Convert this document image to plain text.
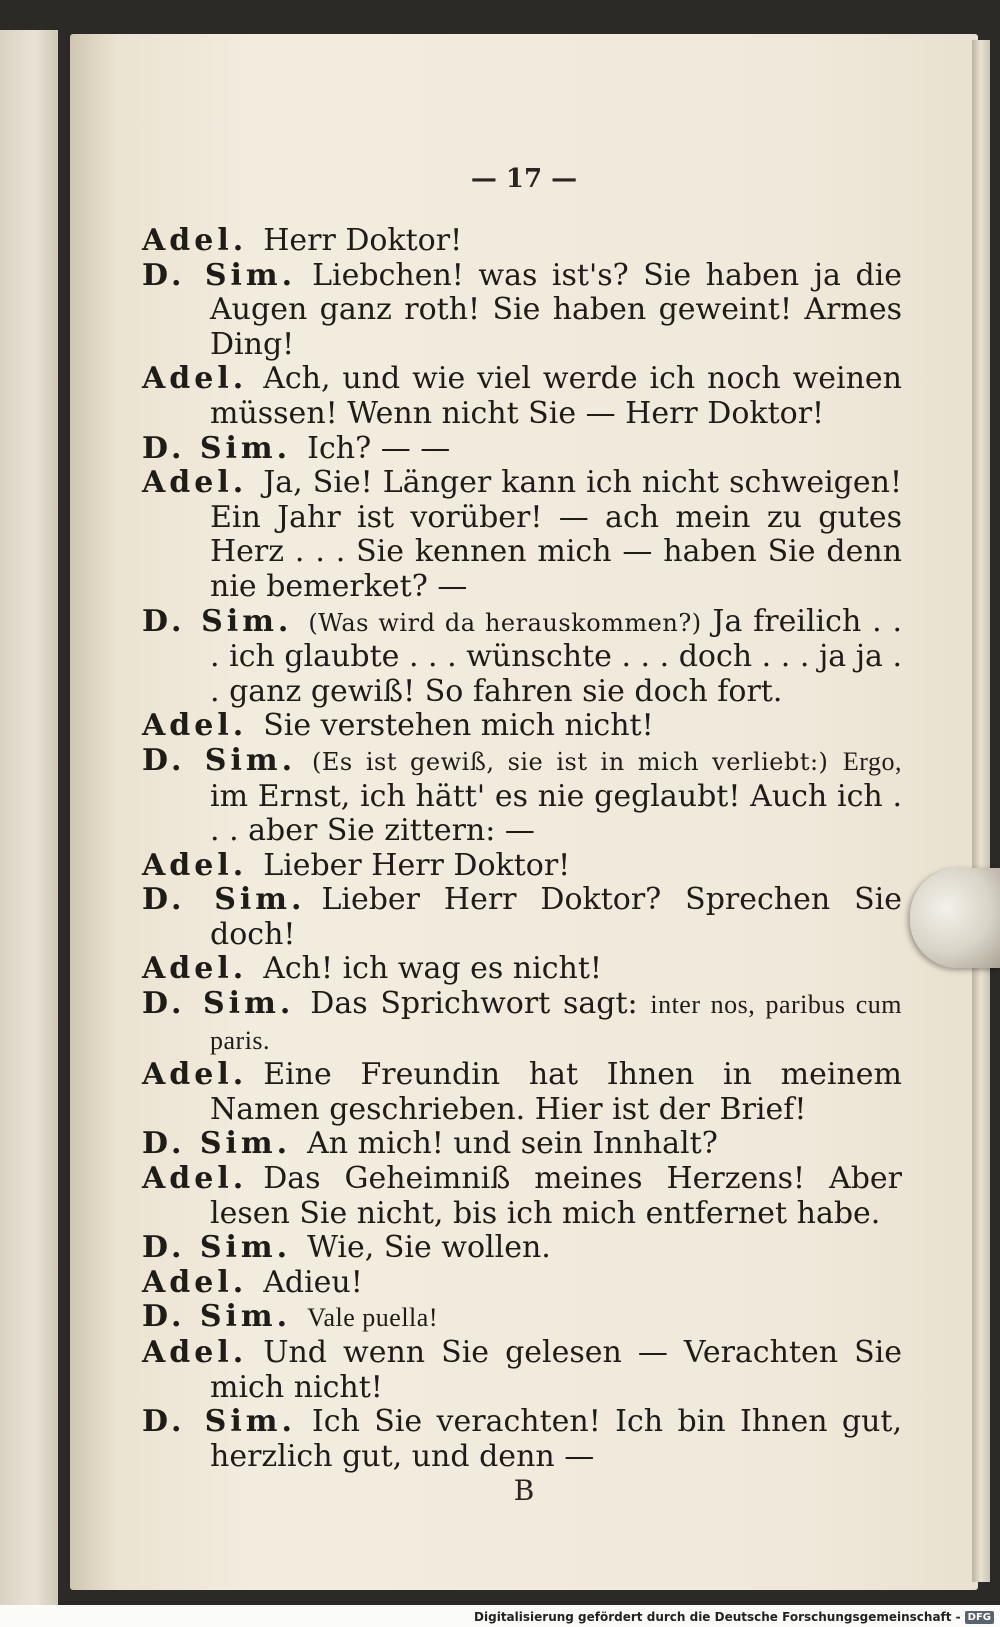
— 17 —

Adel. Herr Doktor!

D. Sim. Liebchen! was ist's? Sie haben ja die Augen ganz roth! Sie haben geweint! Armes Ding!

Adel. Ach, und wie viel werde ich noch weinen müssen! Wenn nicht Sie — Herr Doktor!

D. Sim. Ich? — —

Adel. Ja, Sie! Länger kann ich nicht schweigen! Ein Jahr ist vorüber! — ach mein zu gutes Herz . . . Sie kennen mich — haben Sie denn nie bemerket? —

D. Sim. (Was wird da herauskommen?) Ja freilich . . . ich glaubte . . . wünschte . . . doch . . . ja ja . . ganz gewiß! So fahren sie doch fort.

Adel. Sie verstehen mich nicht!

D. Sim. (Es ist gewiß, sie ist in mich verliebt:) Ergo, im Ernst, ich hätt' es nie geglaubt! Auch ich . . . aber Sie zittern: —

Adel. Lieber Herr Doktor!

D. Sim. Lieber Herr Doktor? Sprechen Sie doch!

Adel. Ach! ich wag es nicht!

D. Sim. Das Sprichwort sagt: inter nos, paribus cum paris.

Adel. Eine Freundin hat Ihnen in meinem Namen geschrieben. Hier ist der Brief!

D. Sim. An mich! und sein Innhalt?

Adel. Das Geheimniß meines Herzens! Aber lesen Sie nicht, bis ich mich entfernet habe.

D. Sim. Wie, Sie wollen.

Adel. Adieu!

D. Sim. Vale puella!

Adel. Und wenn Sie gelesen — Verachten Sie mich nicht!

D. Sim. Ich Sie verachten! Ich bin Ihnen gut, herzlich gut, und denn —

B
Digitalisierung gefördert durch die Deutsche Forschungsgemeinschaft - DFG
